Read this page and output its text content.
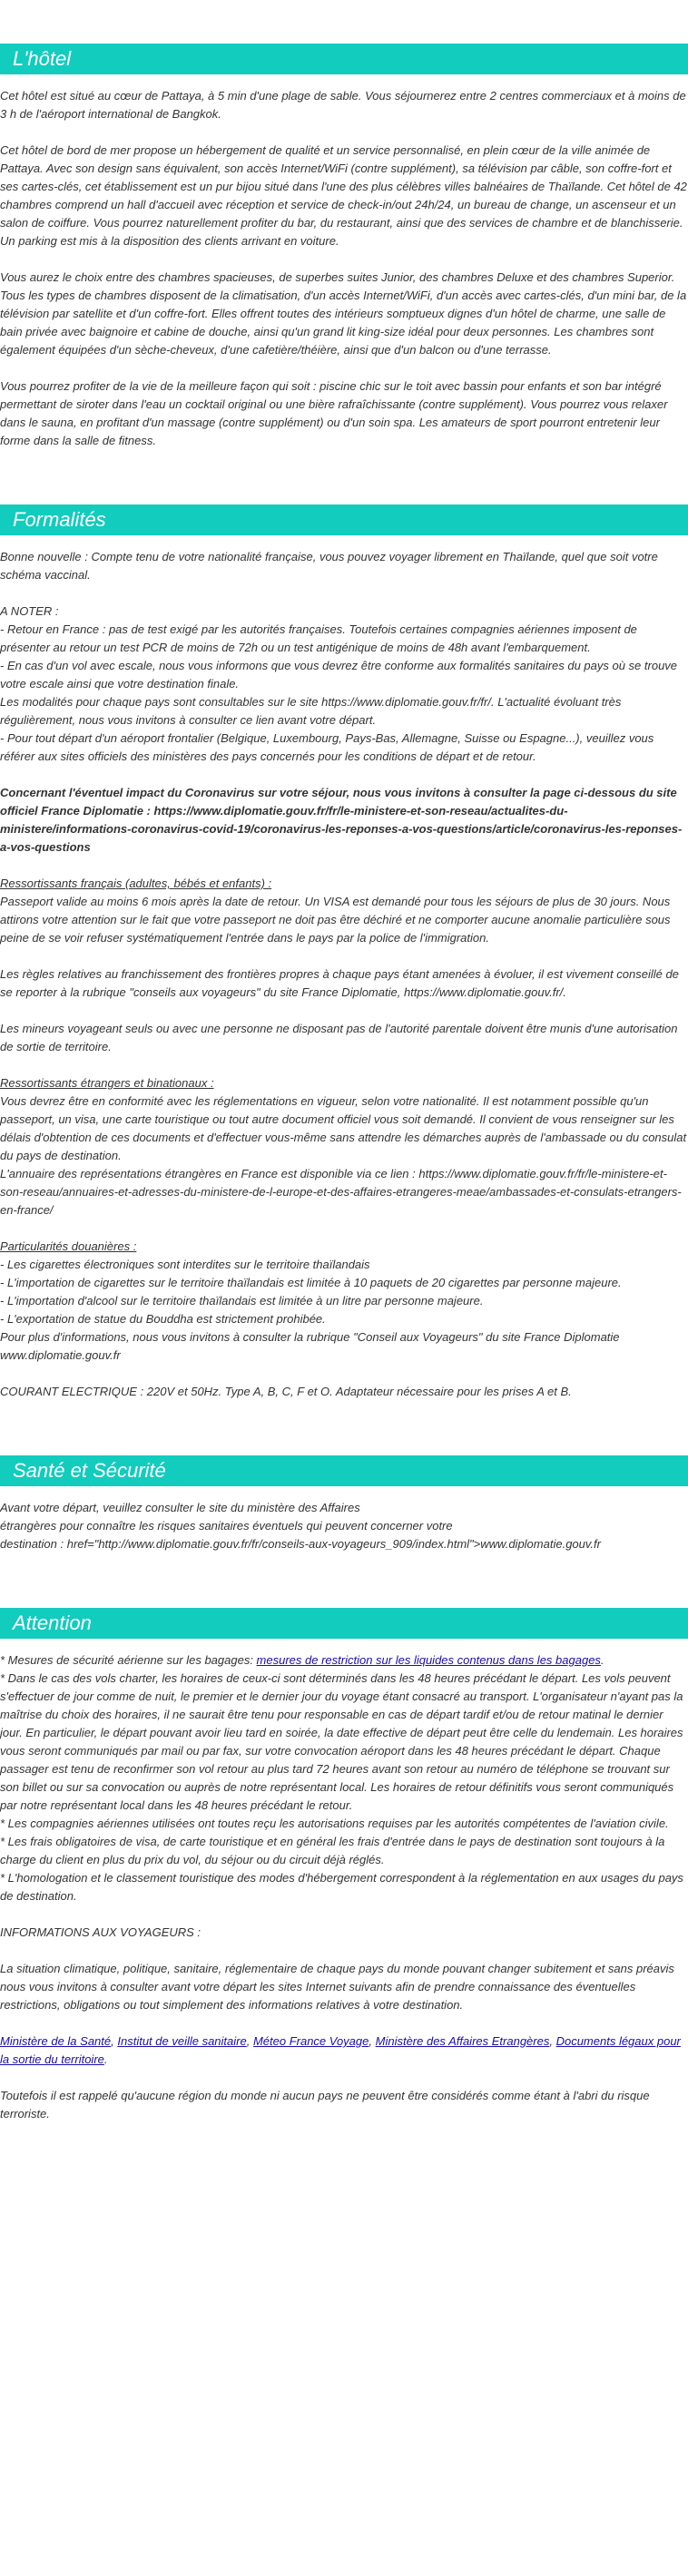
L'hôtel

Cet hôtel est situé au cœur de Pattaya, à 5 min d'une plage de sable. Vous séjournerez entre 2 centres commerciaux et à moins de 3 h de l'aéroport international de Bangkok.

Cet hôtel de bord de mer propose un hébergement de qualité et un service personnalisé, en plein cœur de la ville animée de Pattaya. Avec son design sans équivalent, son accès Internet/WiFi (contre supplément), sa télévision par câble, son coffre-fort et ses cartes-clés, cet établissement est un pur bijou situé dans l'une des plus célèbres villes balnéaires de Thaïlande. Cet hôtel de 42 chambres comprend un hall d'accueil avec réception et service de check-in/out 24h/24, un bureau de change, un ascenseur et un salon de coiffure. Vous pourrez naturellement profiter du bar, du restaurant, ainsi que des services de chambre et de blanchisserie. Un parking est mis à la disposition des clients arrivant en voiture.

Vous aurez le choix entre des chambres spacieuses, de superbes suites Junior, des chambres Deluxe et des chambres Superior. Tous les types de chambres disposent de la climatisation, d'un accès Internet/WiFi, d'un accès avec cartes-clés, d'un mini bar, de la télévision par satellite et d'un coffre-fort. Elles offrent toutes des intérieurs somptueux dignes d'un hôtel de charme, une salle de bain privée avec baignoire et cabine de douche, ainsi qu'un grand lit king-size idéal pour deux personnes. Les chambres sont également équipées d'un sèche-cheveux, d'une cafetière/théière, ainsi que d'un balcon ou d'une terrasse.

Vous pourrez profiter de la vie de la meilleure façon qui soit : piscine chic sur le toit avec bassin pour enfants et son bar intégré permettant de siroter dans l'eau un cocktail original ou une bière rafraîchissante (contre supplément). Vous pourrez vous relaxer dans le sauna, en profitant d'un massage (contre supplément) ou d'un soin spa. Les amateurs de sport pourront entretenir leur forme dans la salle de fitness.

Formalités

Bonne nouvelle : Compte tenu de votre nationalité française, vous pouvez voyager librement en Thaïlande, quel que soit votre schéma vaccinal.

A NOTER :

- Retour en France : pas de test exigé par les autorités françaises. Toutefois certaines compagnies aériennes imposent de présenter au retour un test PCR de moins de 72h ou un test antigénique de moins de 48h avant l'embarquement.

- En cas d'un vol avec escale, nous vous informons que vous devrez être conforme aux formalités sanitaires du pays où se trouve votre escale ainsi que votre destination finale.

Les modalités pour chaque pays sont consultables sur le site https://www.diplomatie.gouv.fr/fr/. L'actualité évoluant très régulièrement, nous vous invitons à consulter ce lien avant votre départ.

- Pour tout départ d'un aéroport frontalier (Belgique, Luxembourg, Pays-Bas, Allemagne, Suisse ou Espagne...), veuillez vous référer aux sites officiels des ministères des pays concernés pour les conditions de départ et de retour.

Concernant l'éventuel impact du Coronavirus sur votre séjour, nous vous invitons à consulter la page ci-dessous du site officiel France Diplomatie : https://www.diplomatie.gouv.fr/fr/le-ministere-et-son-reseau/actualites-du-ministere/informations-coronavirus-covid-19/coronavirus-les-reponses-a-vos-questions/article/coronavirus-les-reponses-a-vos-questions

Ressortissants français (adultes, bébés et enfants) :

Passeport valide au moins 6 mois après la date de retour. Un VISA est demandé pour tous les séjours de plus de 30 jours. Nous attirons votre attention sur le fait que votre passeport ne doit pas être déchiré et ne comporter aucune anomalie particulière sous peine de se voir refuser systématiquement l'entrée dans le pays par la police de l'immigration.

Les règles relatives au franchissement des frontières propres à chaque pays étant amenées à évoluer, il est vivement conseillé de se reporter à la rubrique "conseils aux voyageurs" du site France Diplomatie, https://www.diplomatie.gouv.fr/.

Les mineurs voyageant seuls ou avec une personne ne disposant pas de l'autorité parentale doivent être munis d'une autorisation de sortie de territoire.

Ressortissants étrangers et binationaux :

Vous devrez être en conformité avec les réglementations en vigueur, selon votre nationalité. Il est notamment possible qu'un passeport, un visa, une carte touristique ou tout autre document officiel vous soit demandé. Il convient de vous renseigner sur les délais d'obtention de ces documents et d'effectuer vous-même sans attendre les démarches auprès de l'ambassade ou du consulat du pays de destination.

L'annuaire des représentations étrangères en France est disponible via ce lien : https://www.diplomatie.gouv.fr/fr/le-ministere-et-son-reseau/annuaires-et-adresses-du-ministere-de-l-europe-et-des-affaires-etrangeres-meae/ambassades-et-consulats-etrangers-en-france/

Particularités douanières :

- Les cigarettes électroniques sont interdites sur le territoire thaïlandais

- L'importation de cigarettes sur le territoire thaïlandais est limitée à 10 paquets de 20 cigarettes par personne majeure.

- L'importation d'alcool sur le territoire thaïlandais est limitée à un litre par personne majeure.

- L'exportation de statue du Bouddha est strictement prohibée.

Pour plus d'informations, nous vous invitons à consulter la rubrique "Conseil aux Voyageurs" du site France Diplomatie www.diplomatie.gouv.fr

COURANT ELECTRIQUE : 220V et 50Hz. Type A, B, C, F et O. Adaptateur nécessaire pour les prises A et B.

Santé et Sécurité

Avant votre départ, veuillez consulter le site du ministère des Affaires

étrangères pour connaître les risques sanitaires éventuels qui peuvent concerner votre

destination : href="http://www.diplomatie.gouv.fr/fr/conseils-aux-voyageurs_909/index.html">www.diplomatie.gouv.fr

Attention

* Mesures de sécurité aérienne sur les bagages: mesures de restriction sur les liquides contenus dans les bagages.

* Dans le cas des vols charter, les horaires de ceux-ci sont déterminés dans les 48 heures précédant le départ. Les vols peuvent s'effectuer de jour comme de nuit, le premier et le dernier jour du voyage étant consacré au transport. L'organisateur n'ayant pas la maîtrise du choix des horaires, il ne saurait être tenu pour responsable en cas de départ tardif et/ou de retour matinal le dernier jour. En particulier, le départ pouvant avoir lieu tard en soirée, la date effective de départ peut être celle du lendemain. Les horaires vous seront communiqués par mail ou par fax, sur votre convocation aéroport dans les 48 heures précédant le départ. Chaque passager est tenu de reconfirmer son vol retour au plus tard 72 heures avant son retour au numéro de téléphone se trouvant sur son billet ou sur sa convocation ou auprès de notre représentant local. Les horaires de retour définitifs vous seront communiqués par notre représentant local dans les 48 heures précédant le retour.

* Les compagnies aériennes utilisées ont toutes reçu les autorisations requises par les autorités compétentes de l'aviation civile.

* Les frais obligatoires de visa, de carte touristique et en général les frais d'entrée dans le pays de destination sont toujours à la charge du client en plus du prix du vol, du séjour ou du circuit déjà réglés.

* L'homologation et le classement touristique des modes d'hébergement correspondent à la réglementation en aux usages du pays de destination.

INFORMATIONS AUX VOYAGEURS :

La situation climatique, politique, sanitaire, réglementaire de chaque pays du monde pouvant changer subitement et sans préavis nous vous invitons à consulter avant votre départ les sites Internet suivants afin de prendre connaissance des éventuelles restrictions, obligations ou tout simplement des informations relatives à votre destination.

Ministère de la Santé, Institut de veille sanitaire, Méteo France Voyage, Ministère des Affaires Etrangères, Documents légaux pour la sortie du territoire.

Toutefois il est rappelé qu'aucune région du monde ni aucun pays ne peuvent être considérés comme étant à l'abri du risque terroriste.
